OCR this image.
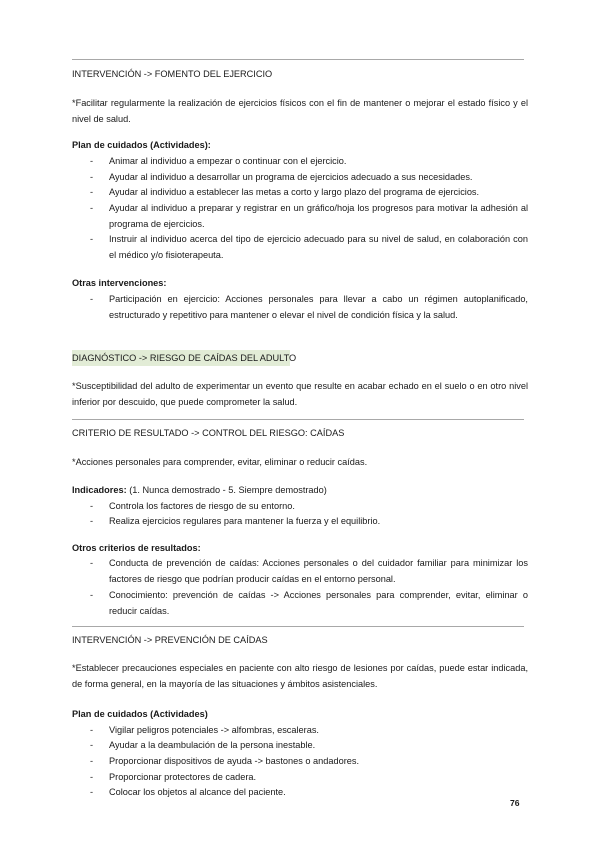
INTERVENCIÓN -> FOMENTO DEL EJERCICIO
*Facilitar regularmente la realización de ejercicios físicos con el fin de mantener o mejorar el estado físico y el nivel de salud.
Plan de cuidados (Actividades):
-	Animar al individuo a empezar o continuar con el ejercicio.
-	Ayudar al individuo a desarrollar un programa de ejercicios adecuado a sus necesidades.
-	Ayudar al individuo a establecer las metas a corto y largo plazo del programa de ejercicios.
-	Ayudar al individuo a preparar y registrar en un gráfico/hoja los progresos para motivar la adhesión al programa de ejercicios.
-	Instruir al individuo acerca del tipo de ejercicio adecuado para su nivel de salud, en colaboración con el médico y/o fisioterapeuta.
Otras intervenciones:
-	Participación en ejercicio: Acciones personales para llevar a cabo un régimen autoplanificado, estructurado y repetitivo para mantener o elevar el nivel de condición física y la salud.
DIAGNÓSTICO -> RIESGO DE CAÍDAS DEL ADULTO
*Susceptibilidad del adulto de experimentar un evento que resulte en acabar echado en el suelo o en otro nivel inferior por descuido, que puede comprometer la salud.
CRITERIO DE RESULTADO -> CONTROL DEL RIESGO: CAÍDAS
*Acciones personales para comprender, evitar, eliminar o reducir caídas.
Indicadores: (1. Nunca demostrado - 5. Siempre demostrado)
-	Controla los factores de riesgo de su entorno.
-	Realiza ejercicios regulares para mantener la fuerza y el equilibrio.
Otros criterios de resultados:
-	Conducta de prevención de caídas: Acciones personales o del cuidador familiar para minimizar los factores de riesgo que podrían producir caídas en el entorno personal.
-	Conocimiento: prevención de caídas -> Acciones personales para comprender, evitar, eliminar o reducir caídas.
INTERVENCIÓN -> PREVENCIÓN DE CAÍDAS
*Establecer precauciones especiales en paciente con alto riesgo de lesiones por caídas, puede estar indicada, de forma general, en la mayoría de las situaciones y ámbitos asistenciales.
Plan de cuidados (Actividades)
-	Vigilar peligros potenciales -> alfombras, escaleras.
-	Ayudar a la deambulación de la persona inestable.
-	Proporcionar dispositivos de ayuda -> bastones o andadores.
-	Proporcionar protectores de cadera.
-	Colocar los objetos al alcance del paciente.
76
